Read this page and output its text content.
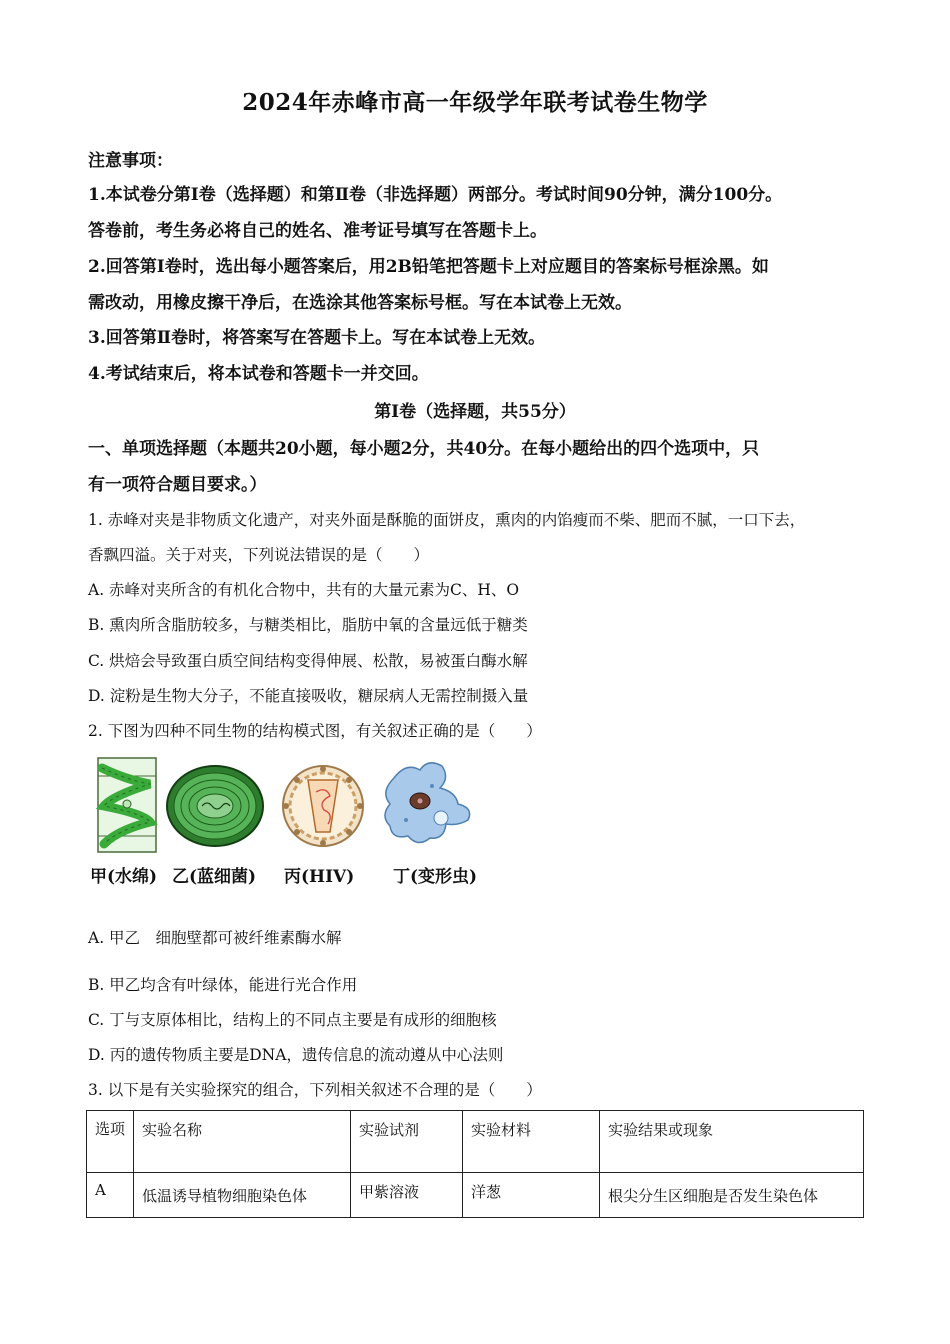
2024年赤峰市高一年级学年联考试卷生物学
注意事项：
1.本试卷分第Ⅰ卷（选择题）和第Ⅱ卷（非选择题）两部分。考试时间90分钟，满分100分。
答卷前，考生务必将自己的姓名、准考证号填写在答题卡上。
2.回答第Ⅰ卷时，选出每小题答案后，用2B铅笔把答题卡上对应题目的答案标号框涂黑。如
需改动，用橡皮擦干净后，在选涂其他答案标号框。写在本试卷上无效。
3.回答第Ⅱ卷时，将答案写在答题卡上。写在本试卷上无效。
4.考试结束后，将本试卷和答题卡一并交回。
第Ⅰ卷（选择题，共55分）
一、单项选择题（本题共20小题，每小题2分，共40分。在每小题给出的四个选项中，只
有一项符合题目要求。）
1. 赤峰对夹是非物质文化遗产，对夹外面是酥脆的面饼皮，熏肉的内馅瘦而不柴、肥而不腻，一口下去，
香飘四溢。关于对夹，下列说法错误的是（　　）
A. 赤峰对夹所含的有机化合物中，共有的大量元素为C、H、O
B. 熏肉所含脂肪较多，与糖类相比，脂肪中氧的含量远低于糖类
C. 烘焙会导致蛋白质空间结构变得伸展、松散，易被蛋白酶水解
D. 淀粉是生物大分子，不能直接吸收，糖尿病人无需控制摄入量
2. 下图为四种不同生物的结构模式图，有关叙述正确的是（　　）
甲(水绵) 乙(蓝细菌) 丙(HIV) 丁(变形虫)
A. 甲乙　细胞壁都可被纤维素酶水解
B. 甲乙均含有叶绿体，能进行光合作用
C. 丁与支原体相比，结构上的不同点主要是有成形的细胞核
D. 丙的遗传物质主要是DNA，遗传信息的流动遵从中心法则
3. 以下是有关实验探究的组合，下列相关叙述不合理的是（　　）
选项	实验名称	实验试剂	实验材料	实验结果或现象
A	低温诱导植物细胞染色体	甲紫溶液	洋葱	根尖分生区细胞是否发生染色体
